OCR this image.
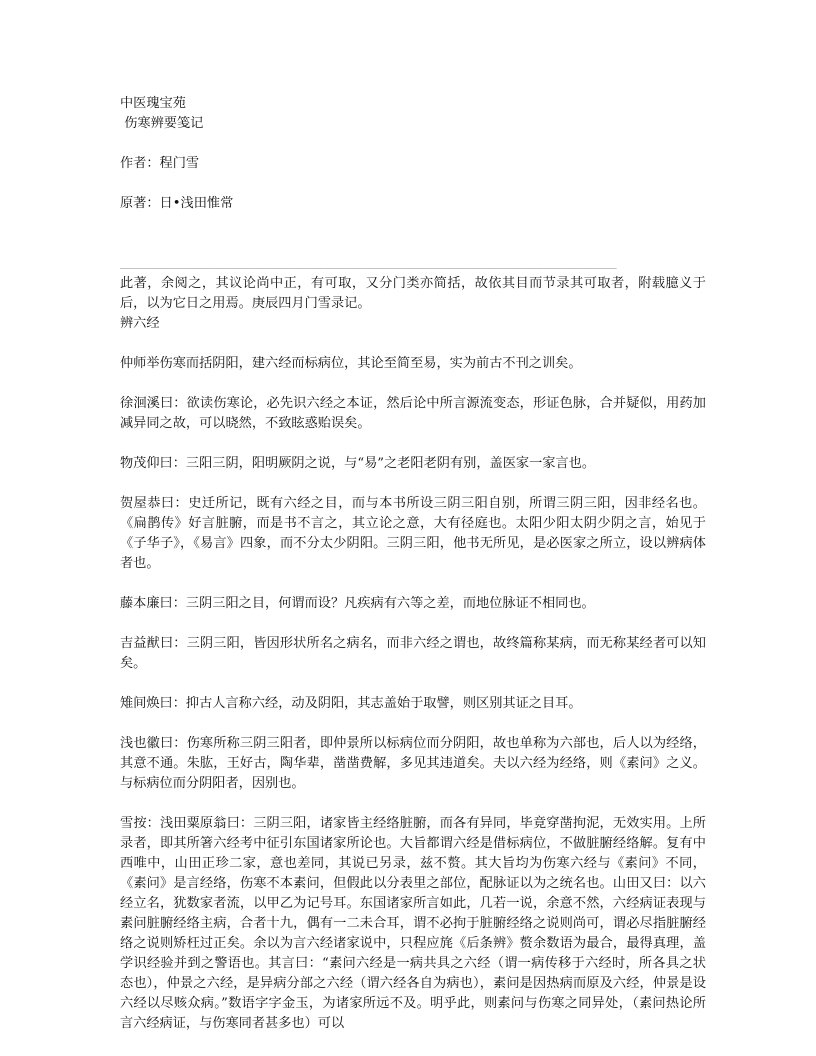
中医瑰宝苑
伤寒辨要笺记
作者：程门雪
原著：日•浅田惟常
________________________________________________________________________________________

此著，余阅之，其议论尚中正，有可取，又分门类亦简括，故依其目而节录其可取者，附载臆义于后，以为它日之用焉。庚辰四月门雪录记。

辨六经

仲师举伤寒而括阴阳，建六经而标病位，其论至简至易，实为前古不刊之训矣。

徐洄溪曰：欲读伤寒论，必先识六经之本证，然后论中所言源流变态，形证色脉，合并疑似，用药加减异同之故，可以晓然，不致眩惑贻误矣。

物茂仰曰：三阳三阴，阳明厥阴之说，与“易”之老阳老阴有别，盖医家一家言也。

贺屋恭曰：史迁所记，既有六经之目，而与本书所设三阴三阳自别，所谓三阴三阳，因非经名也。《扁鹊传》好言脏腑，而是书不言之，其立论之意，大有径庭也。太阳少阳太阴少阴之言，始见于《子华子》，《易言》四象，而不分太少阴阳。三阴三阳，他书无所见，是必医家之所立，设以辨病体者也。

藤本廉曰：三阴三阳之目，何谓而设？凡疾病有六等之差，而地位脉证不相同也。

吉益猷曰：三阴三阳，皆因形状所名之病名，而非六经之谓也，故终篇称某病，而无称某经者可以知矣。

雉间焕曰：抑古人言称六经，动及阴阳，其志盖始于取譬，则区别其证之目耳。

浅也徽曰：伤寒所称三阴三阳者，即仲景所以标病位而分阴阳，故也单称为六部也，后人以为经络，其意不通。朱肱，王好古，陶华辈，凿凿费解，多见其违道矣。夫以六经为经络，则《素问》之义。与标病位而分阴阳者，因别也。

雪按：浅田粟原翁曰：三阴三阳，诸家皆主经络脏腑，而各有异同，毕竟穿凿拘泥，无效实用。上所录者，即其所箸六经考中征引东国诸家所论也。大旨都谓六经是借标病位，不做脏腑经络解。复有中西唯中，山田正珍二家，意也差同，其说已另录，兹不赘。其大旨均为伤寒六经与《素问》不同，《素问》是言经络，伤寒不本素问，但假此以分表里之部位，配脉证以为之统名也。山田又曰：以六经立名，犹数家者流，以甲乙为记号耳。东国诸家所言如此，几若一说，余意不然，六经病证表现与素问脏腑经络主病，合者十九，偶有一二未合耳，谓不必拘于脏腑经络之说则尚可，谓必尽指脏腑经络之说则矫枉过正矣。余以为言六经诸家说中，只程应旄《后条辨》赘余数语为最合，最得真理，盖学识经验并到之警语也。其言曰：“素问六经是一病共具之六经（谓一病传移于六经时，所各具之状态也），仲景之六经，是异病分部之六经（谓六经各自为病也），素问是因热病而原及六经，仲景是设六经以尽赅众病。”数语字字金玉，为诸家所远不及。明乎此，则素问与伤寒之同异处，（素问热论所言六经病证，与伤寒同者甚多也）可以
